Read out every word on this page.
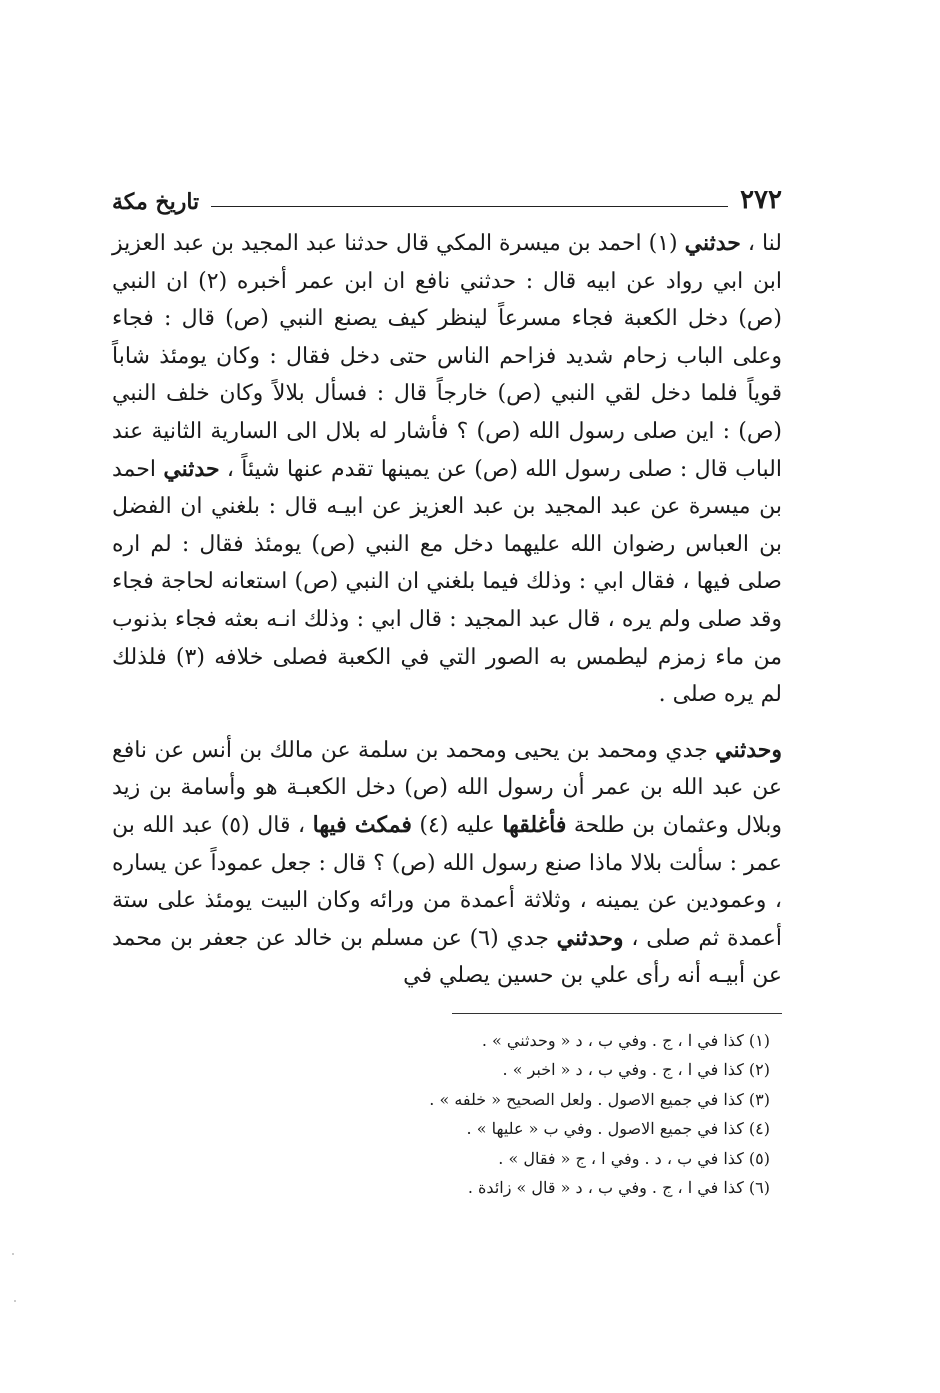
٢٧٢
تاريخ مكة

لنا ، حدثني (١) احمد بن ميسرة المكي قال حدثنا عبد المجيد بن عبد العزيز ابن ابي رواد عن ابيه قال : حدثني نافع ان ابن عمر أخبره (٢) ان النبي (ص) دخل الكعبة فجاء مسرعاً لينظر كيف يصنع النبي (ص) قال : فجاء وعلى الباب زحام شديد فزاحم الناس حتى دخل فقال : وكان يومئذ شاباً قوياً فلما دخل لقي النبي (ص) خارجاً قال : فسأل بلالاً وكان خلف النبي (ص) : اين صلى رسول الله (ص) ؟ فأشار له بلال الى السارية الثانية عند الباب قال : صلى رسول الله (ص) عن يمينها تقدم عنها شيئاً ، حدثني احمد بن ميسرة عن عبد المجيد بن عبد العزيز عن ابيـه قال : بلغني ان الفضل بن العباس رضوان الله عليهما دخل مع النبي (ص) يومئذ فقال : لم اره صلى فيها ، فقال ابي : وذلك فيما بلغني ان النبي (ص) استعانه لحاجة فجاء وقد صلى ولم يره ، قال عبد المجيد : قال ابي : وذلك انـه بعثه فجاء بذنوب من ماء زمزم ليطمس به الصور التي في الكعبة فصلى خلافه (٣) فلذلك لم يره صلى .

وحدثني جدي ومحمد بن يحيى ومحمد بن سلمة عن مالك بن أنس عن نافع عن عبد الله بن عمر أن رسول الله (ص) دخل الكعبـة هو وأسامة بن زيد وبلال وعثمان بن طلحة فأغلقها عليه (٤) فمكث فيها ، قال (٥) عبد الله بن عمر : سألت بلالا ماذا صنع رسول الله (ص) ؟ قال : جعل عموداً عن يساره ، وعمودين عن يمينه ، وثلاثة أعمدة من ورائه وكان البيت يومئذ على ستة أعمدة ثم صلى ، وحدثني جدي (٦) عن مسلم بن خالد عن جعفر بن محمد عن أبيـه أنه رأى علي بن حسين يصلي في

(١) كذا في ا ، ج . وفي ب ، د « وحدثني » .
(٢) كذا في ا ، ج . وفي ب ، د « اخبر » .
(٣) كذا في جميع الاصول . ولعل الصحيح « خلفه » .
(٤) كذا في جميع الاصول . وفي ب « عليها » .
(٥) كذا في ب ، د . وفي ا ، ج « فقال » .
(٦) كذا في ا ، ج . وفي ب ، د « قال » زائدة .
